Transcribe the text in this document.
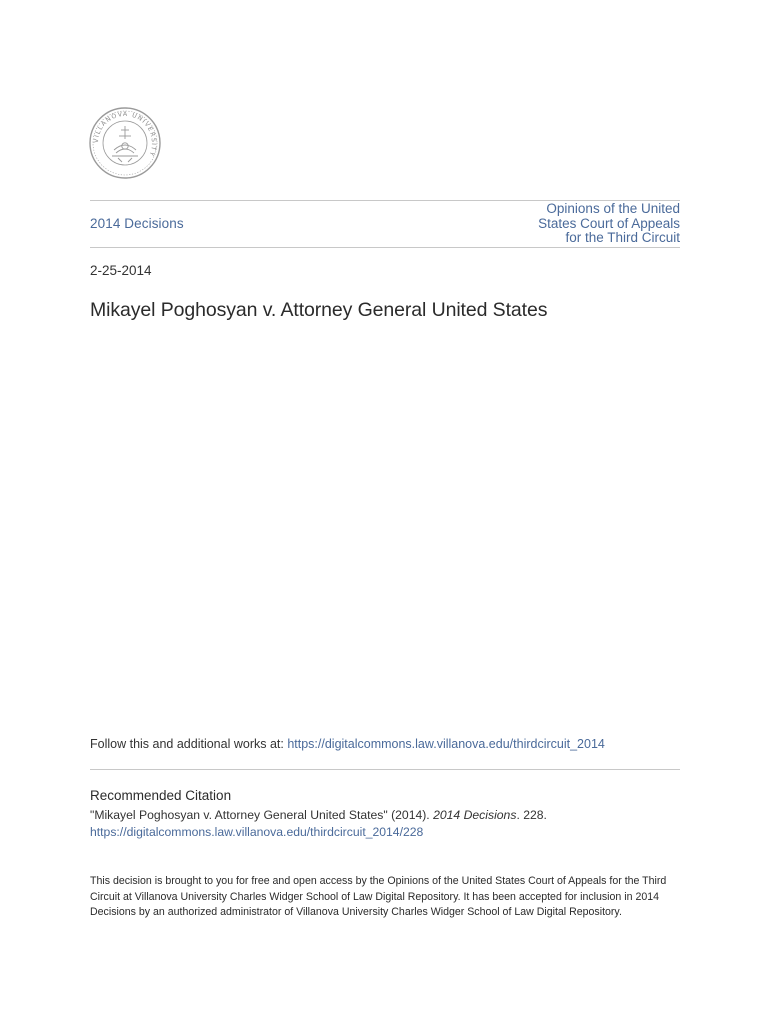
VILLANOVA UNIVERSITY
2014 Decisions
Opinions of the United
States Court of Appeals
for the Third Circuit
2-25-2014
Mikayel Poghosyan v. Attorney General United States
Follow this and additional works at: https://digitalcommons.law.villanova.edu/thirdcircuit_2014
Recommended Citation
"Mikayel Poghosyan v. Attorney General United States" (2014). 2014 Decisions. 228.
https://digitalcommons.law.villanova.edu/thirdcircuit_2014/228

This decision is brought to you for free and open access by the Opinions of the United States Court of Appeals for the Third Circuit at Villanova University Charles Widger School of Law Digital Repository. It has been accepted for inclusion in 2014 Decisions by an authorized administrator of Villanova University Charles Widger School of Law Digital Repository.
